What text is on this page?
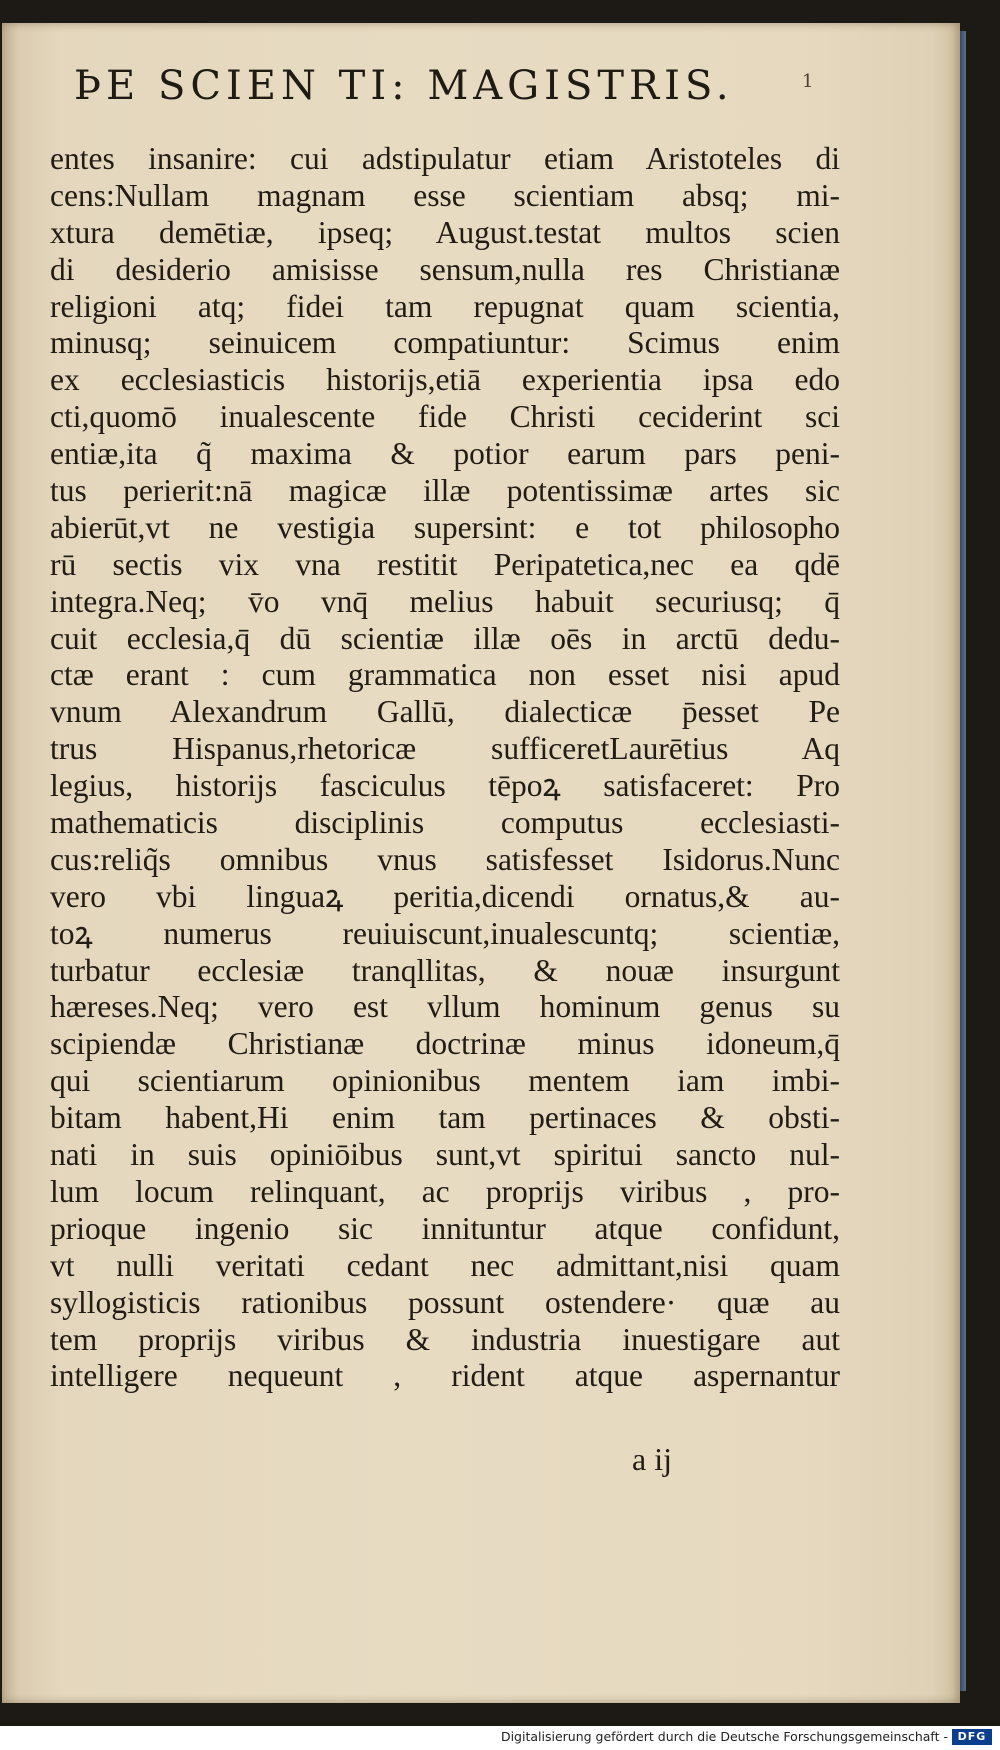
ÞE SCIEN TI: MAGISTRIS.	1
entes insanire: cui adstipulatur etiam Aristoteles di
cens:Nullam magnam esse scientiam absq; mi-
xtura demētiæ, ipseq; August.testat multos scien
di desiderio amisisse sensum,nulla res Christianæ
religioni atq; fidei tam repugnat quam scientia,
minusq; seinuicem compatiuntur: Scimus enim
ex ecclesiasticis historijs,etiā experientia ipsa edo
cti,quomō inualescente fide Christi ceciderint sci
entiæ,ita q̃ maxima & potior earum pars peni-
tus perierit:nā magicæ illæ potentissimæ artes sic
abierūt,vt ne vestigia supersint: e tot philosopho
rū sectis vix vna restitit Peripatetica,nec ea qdē
integra.Neq; v̄o vnq̄ melius habuit securiusq; q̄
cuit ecclesia,q̄ dū scientiæ illæ oēs in arctū dedu-
ctæ erant : cum grammatica non esset nisi apud
vnum Alexandrum Gallū, dialecticæ p̄esset Pe
trus Hispanus,rhetoricæ sufficeretLaurētius Aq
legius, historijs fasciculus tēpoꝝ satisfaceret: Pro
mathematicis disciplinis computus ecclesiasti-
cus:reliq̃s omnibus vnus satisfesset Isidorus.Nunc
vero vbi linguaꝝ peritia,dicendi ornatus,& au-
toꝝ numerus reuiuiscunt,inualescuntq; scientiæ,
turbatur ecclesiæ tranqllitas, & nouæ insurgunt
hæreses.Neq; vero est vllum hominum genus su
scipiendæ Christianæ doctrinæ minus idoneum,q̄
qui scientiarum opinionibus mentem iam imbi-
bitam habent,Hi enim tam pertinaces & obsti-
nati in suis opiniōibus sunt,vt spiritui sancto nul-
lum locum relinquant, ac proprijs viribus , pro-
prioque ingenio sic innituntur atque confidunt,
vt nulli veritati cedant nec admittant,nisi quam
syllogisticis rationibus possunt ostendere· quæ au
tem proprijs viribus & industria inuestigare aut
intelligere nequeunt , rident atque aspernantur
a ij
Digitalisierung gefördert durch die Deutsche Forschungsgemeinschaft - DFG
